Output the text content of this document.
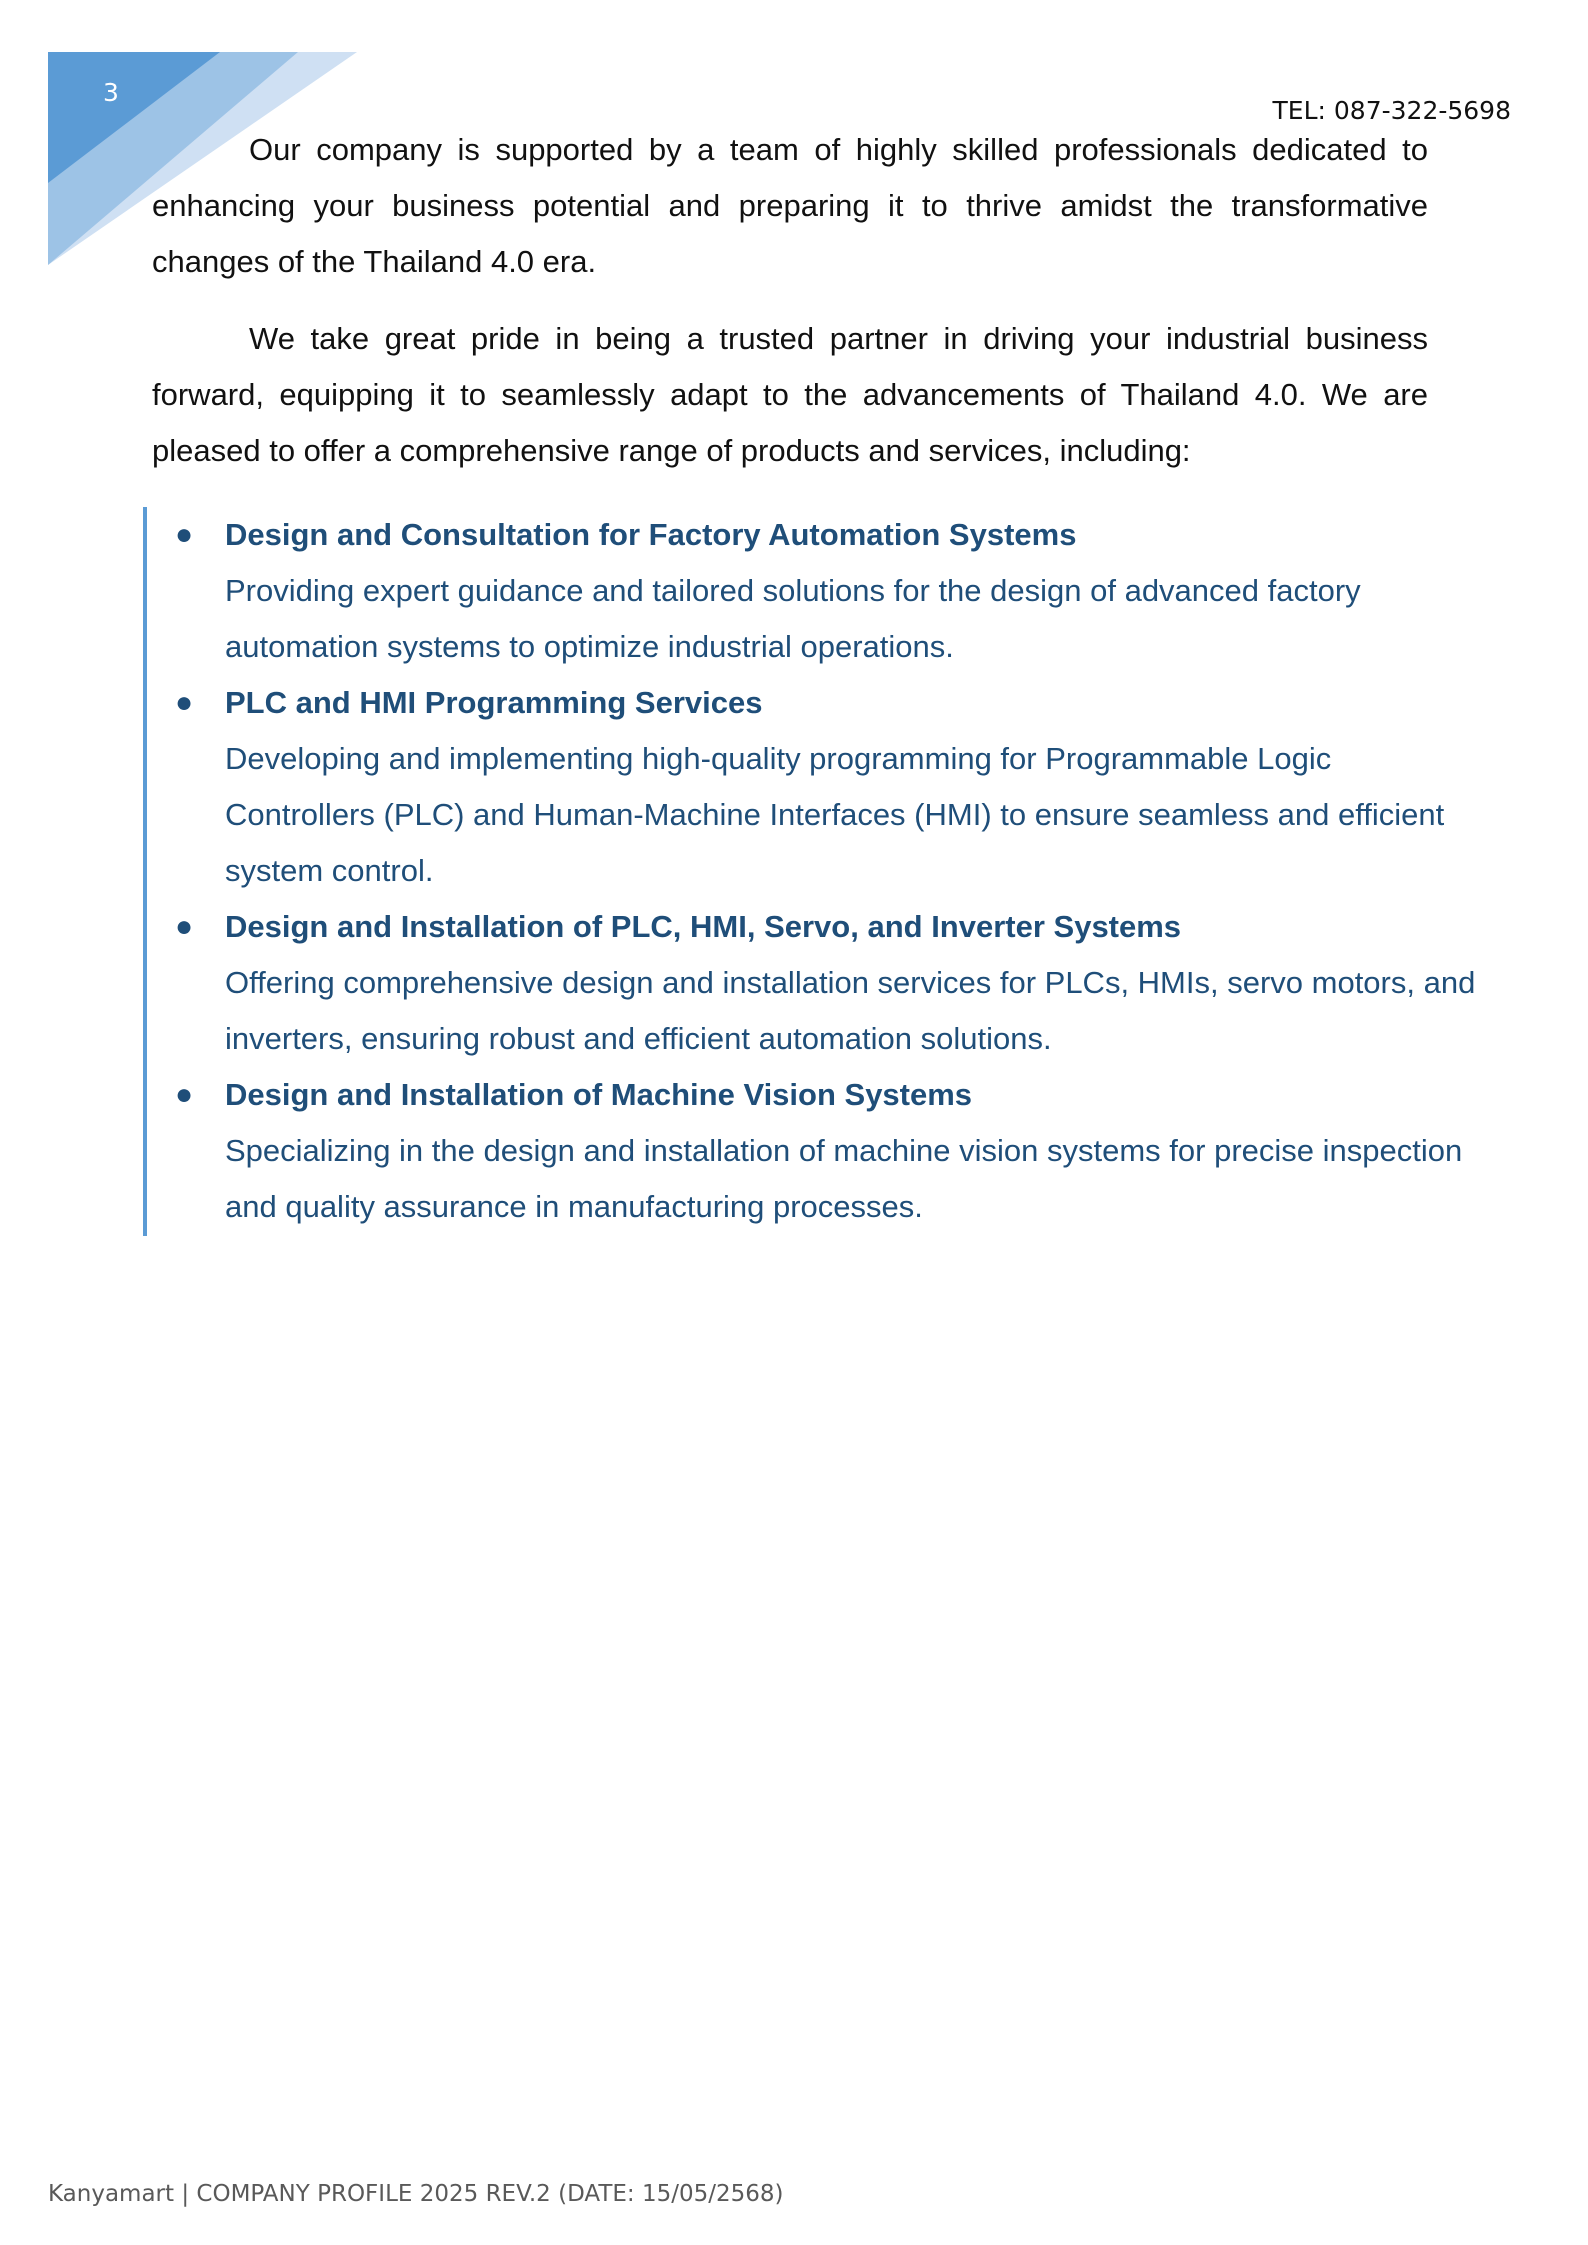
3
TEL: 087-322-5698
Our company is supported by a team of highly skilled professionals dedicated to enhancing your business potential and preparing it to thrive amidst the transformative changes of the Thailand 4.0 era.
We take great pride in being a trusted partner in driving your industrial business forward, equipping it to seamlessly adapt to the advancements of Thailand 4.0. We are pleased to offer a comprehensive range of products and services, including:
● Design and Consultation for Factory Automation Systems
Providing expert guidance and tailored solutions for the design of advanced factory automation systems to optimize industrial operations.
● PLC and HMI Programming Services
Developing and implementing high-quality programming for Programmable Logic Controllers (PLC) and Human-Machine Interfaces (HMI) to ensure seamless and efficient system control.
● Design and Installation of PLC, HMI, Servo, and Inverter Systems
Offering comprehensive design and installation services for PLCs, HMIs, servo motors, and inverters, ensuring robust and efficient automation solutions.
● Design and Installation of Machine Vision Systems
Specializing in the design and installation of machine vision systems for precise inspection and quality assurance in manufacturing processes.
Kanyamart | COMPANY PROFILE 2025 REV.2 (DATE: 15/05/2568)
